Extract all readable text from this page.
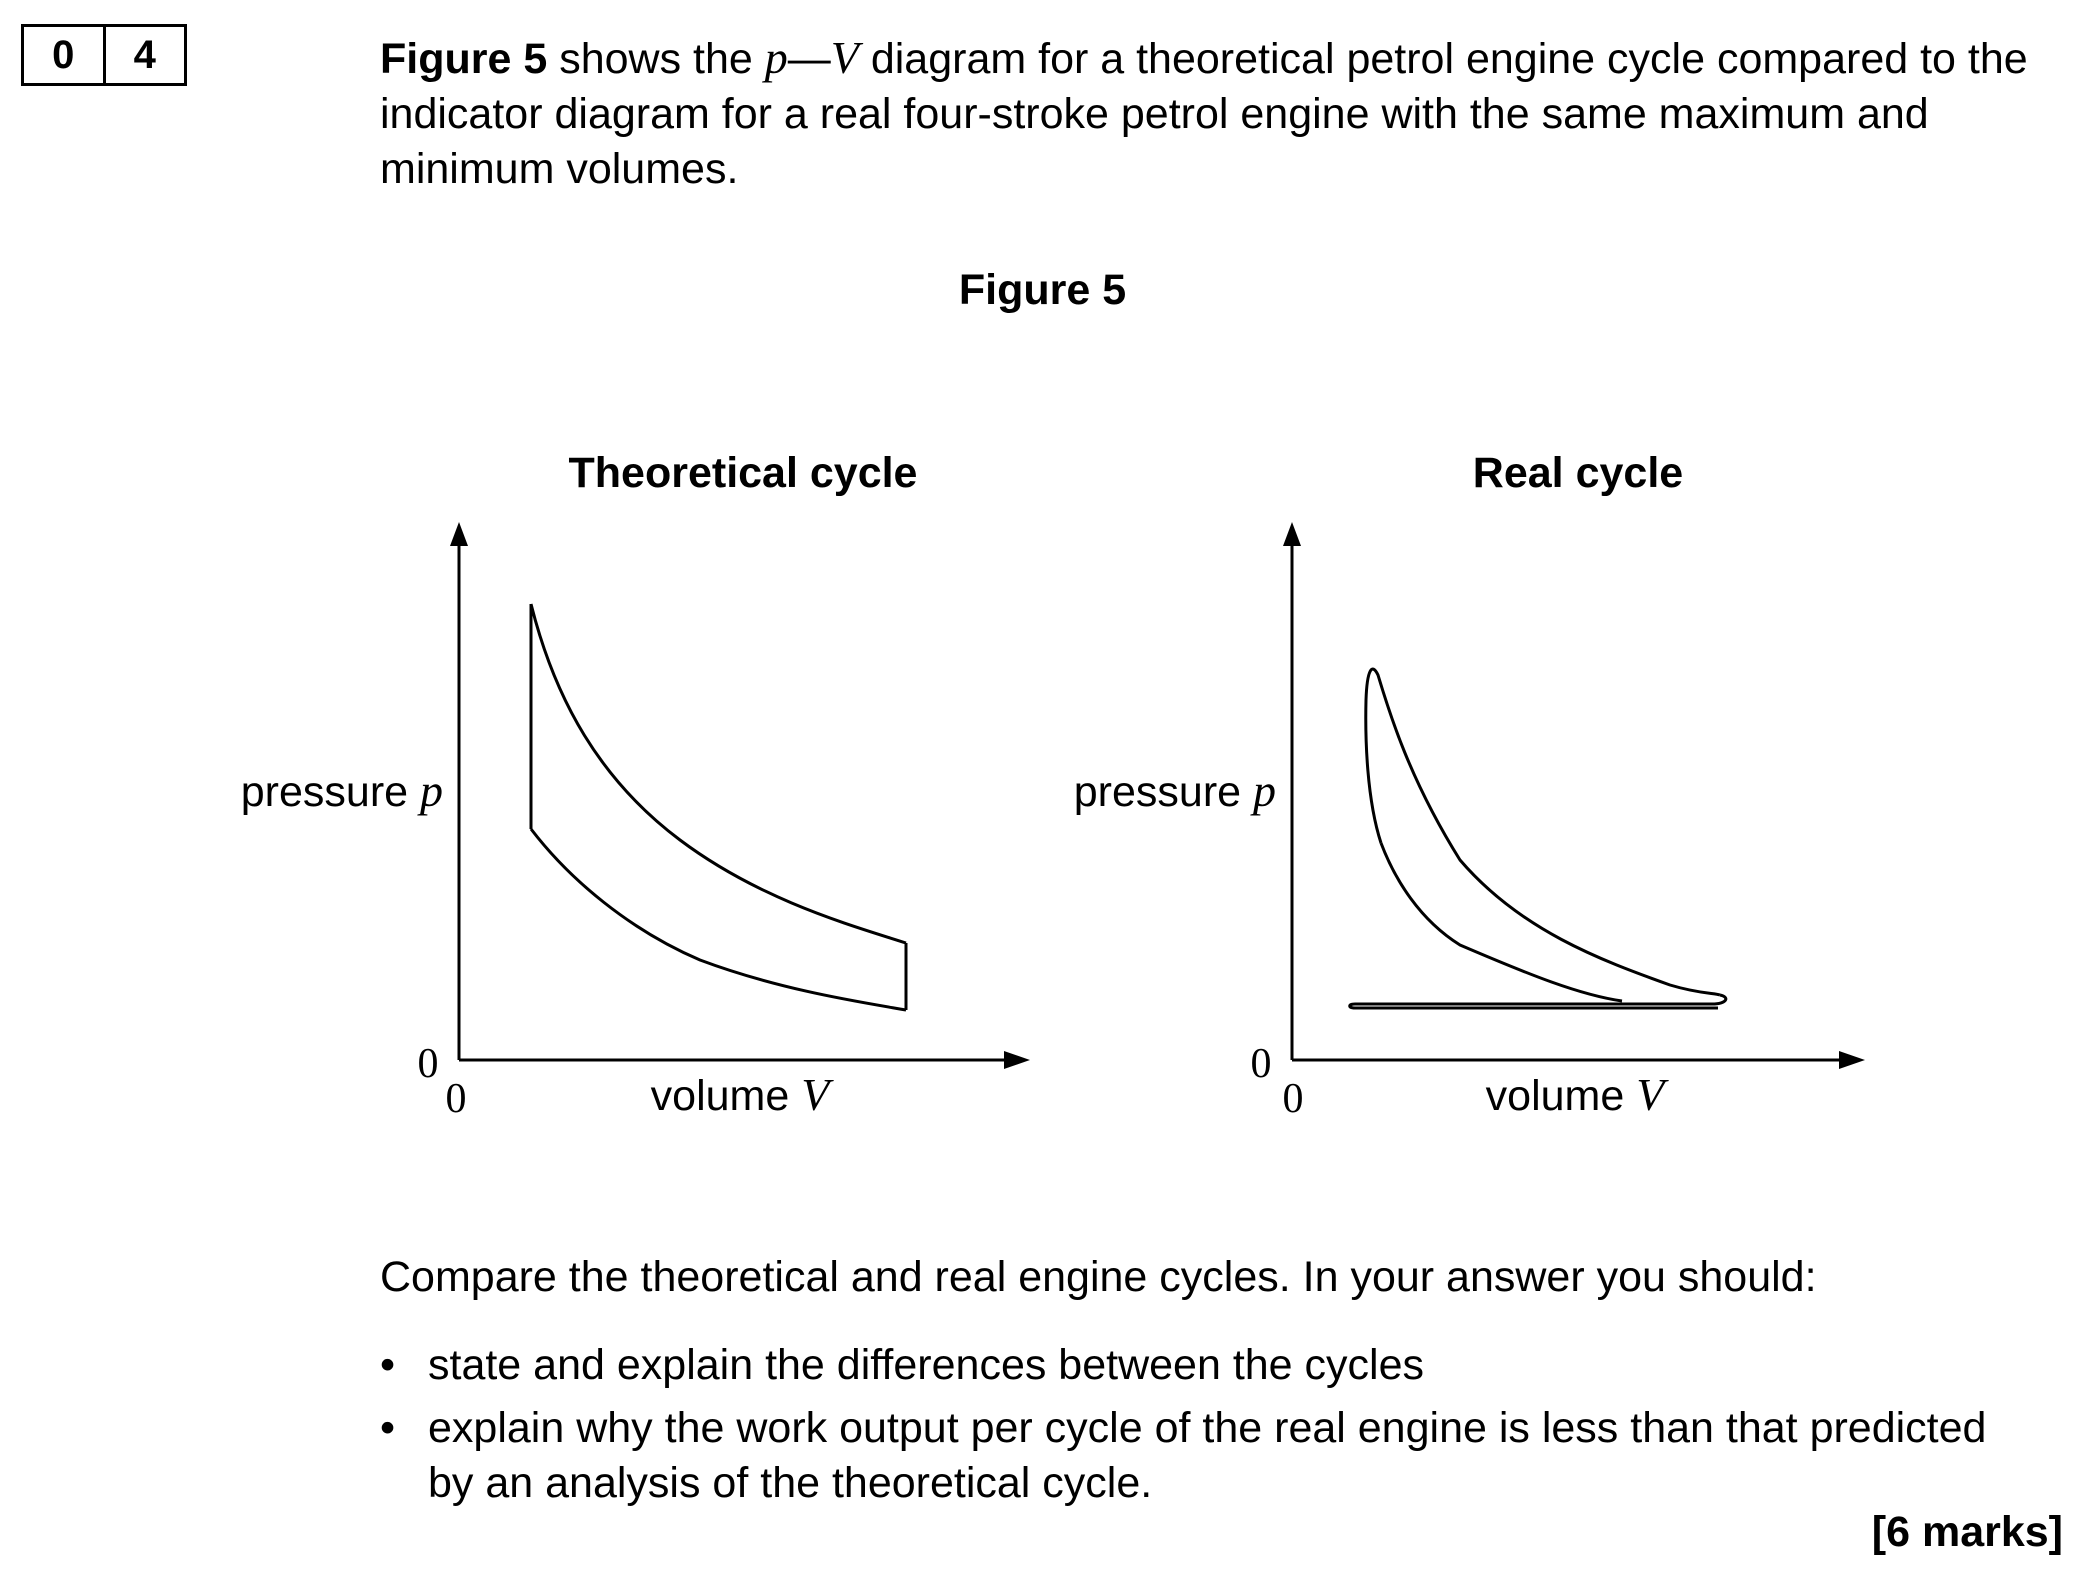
0	4	Figure 5 shows the p—V diagram for a theoretical petrol engine cycle compared to the indicator diagram for a real four-stroke petrol engine with the same maximum and minimum volumes.
Figure 5
Theoretical cycle
pressure p
0
0	volume V
Real cycle
pressure p
0
0	volume V
Compare the theoretical and real engine cycles. In your answer you should:
• state and explain the differences between the cycles
• explain why the work output per cycle of the real engine is less than that predicted by an analysis of the theoretical cycle.
[6 marks]
